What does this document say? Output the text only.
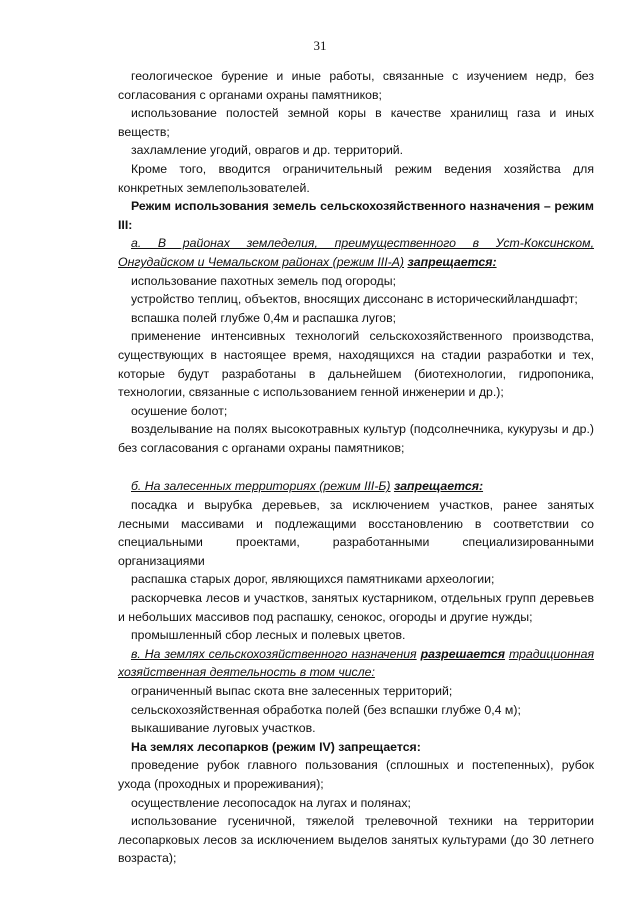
31

геологическое бурение и иные работы, связанные с изучением недр, без согласования с органами охраны памятников;

использование полостей земной коры в качестве хранилищ газа и иных веществ;

захламление угодий, оврагов и др. территорий.

Кроме того, вводится ограничительный режим ведения хозяйства для конкретных землепользователей.

Режим использования земель сельскохозяйственного назначения – режим III:

а. В районах земледелия, преимущественного в Уст-Коксинском, Онгудайском и Чемальском районах (режим III-А) запрещается:

использование пахотных земель под огороды;

устройство теплиц, объектов, вносящих диссонанс в историческийландшафт;

вспашка полей глубже 0,4м и распашка лугов;

применение интенсивных технологий сельскохозяйственного производства, существующих в настоящее время, находящихся на стадии разработки и тех, которые будут разработаны в дальнейшем (биотехнологии, гидропоника, технологии, связанные с использованием генной инженерии и др.);

осушение болот;

возделывание на полях высокотравных культур (подсолнечника, кукурузы и др.) без согласования с органами охраны памятников;

б. На залесенных территориях (режим III-Б) запрещается:

посадка и вырубка деревьев, за исключением участков, ранее занятых лесными массивами и подлежащими восстановлению в соответствии со специальными проектами, разработанными специализированными организациями

распашка старых дорог, являющихся памятниками археологии;

раскорчевка лесов и участков, занятых кустарником, отдельных групп деревьев и небольших массивов под распашку, сенокос, огороды и другие нужды;

промышленный сбор лесных и полевых цветов.

в. На землях сельскохозяйственного назначения разрешается традиционная хозяйственная деятельность в том числе:

ограниченный выпас скота вне залесенных территорий;

сельскохозяйственная обработка полей (без вспашки глубже 0,4 м);

выкашивание луговых участков.

На землях лесопарков (режим IV) запрещается:

проведение рубок главного пользования (сплошных и постепенных), рубок ухода (проходных и прореживания);

осуществление лесопосадок на лугах и полянах;

использование гусеничной, тяжелой трелевочной техники на территории лесопарковых лесов за исключением выделов занятых культурами (до 30 летнего возраста);
